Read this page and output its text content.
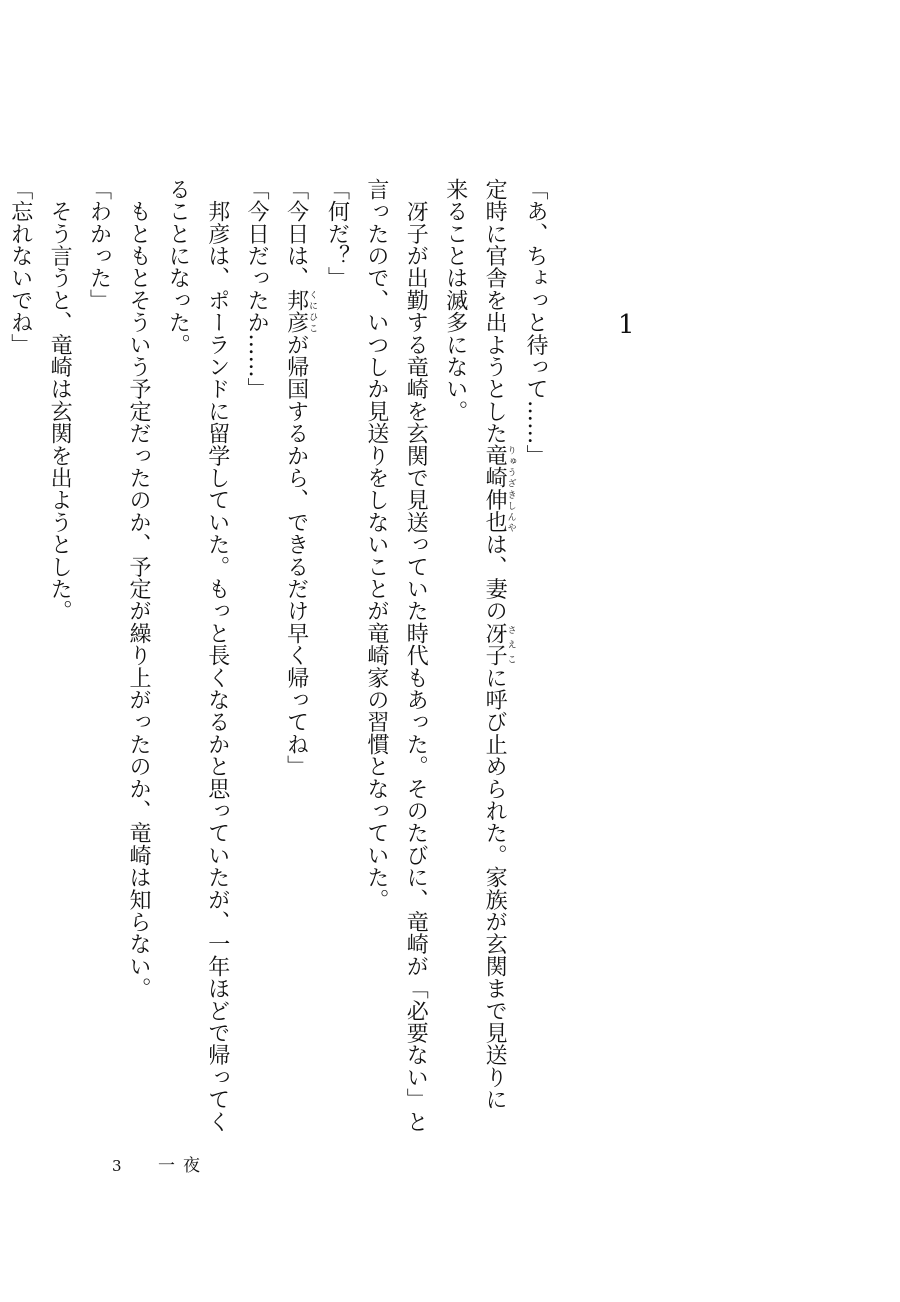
1
「あ、ちょっと待って……」
定時に官舎を出ようとした竜崎伸也りゅうざきしんやは、妻の冴子さえこに呼び止められた。家族が玄関まで見送りに
来ることは滅多にない。
　冴子が出勤する竜崎を玄関で見送っていた時代もあった。そのたびに、竜崎が「必要ない」と
言ったので、いつしか見送りをしないことが竜崎家の習慣となっていた。
「何だ？」
「今日は、邦彦くにひこが帰国するから、できるだけ早く帰ってね」
「今日だったか……」
　邦彦は、ポーランドに留学していた。もっと長くなるかと思っていたが、一年ほどで帰ってく
ることになった。
　もともとそういう予定だったのか、予定が繰り上がったのか、竜崎は知らない。
「わかった」
　そう言うと、竜崎は玄関を出ようとした。
「忘れないでね」
3 一夜
